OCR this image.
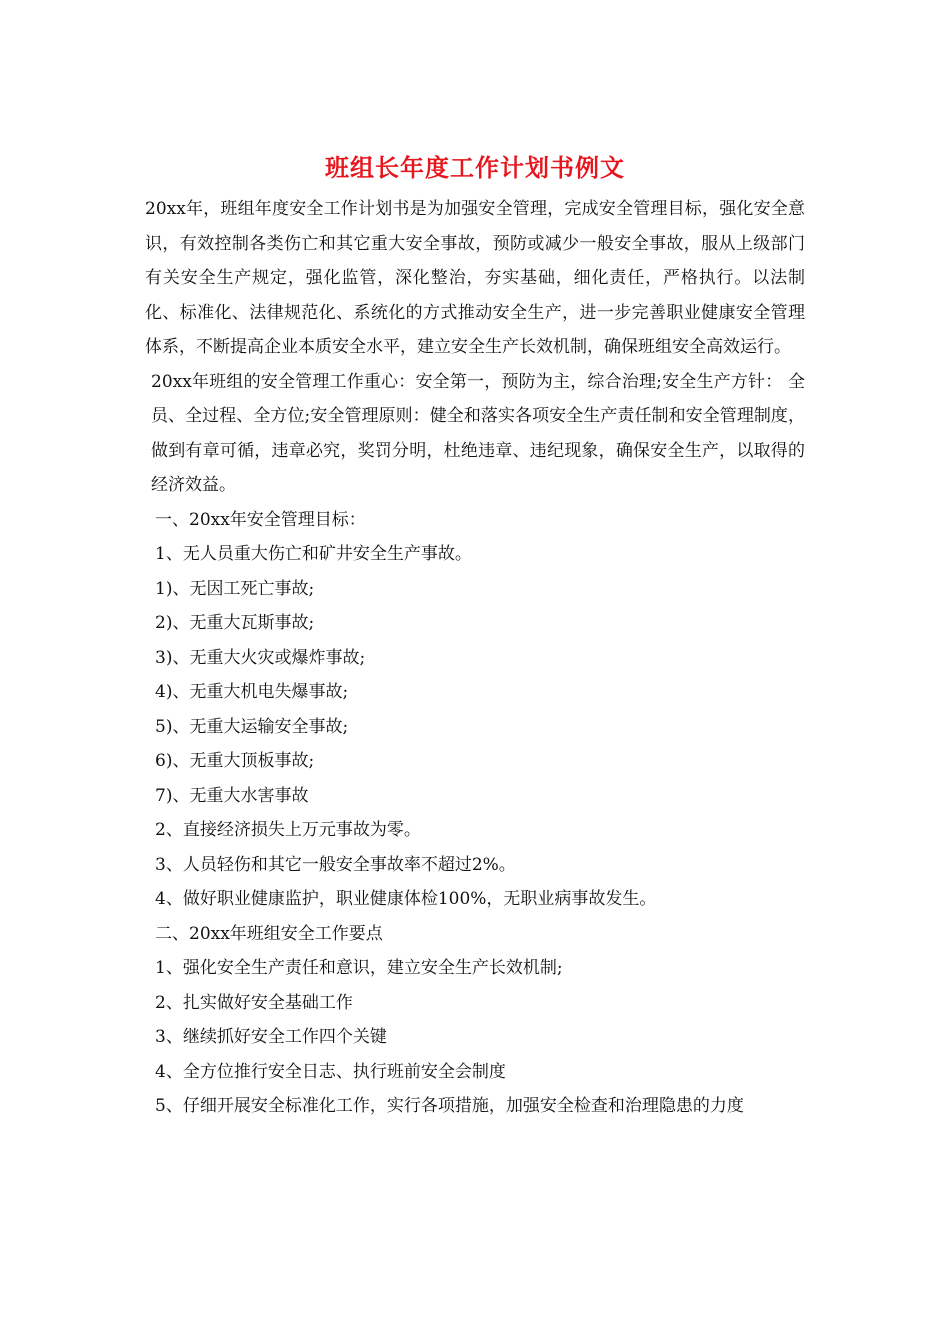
班组长年度工作计划书例文

20xx年，班组年度安全工作计划书是为加强安全管理，完成安全管理目标，强化安全意识，有效控制各类伤亡和其它重大安全事故，预防或减少一般安全事故，服从上级部门有关安全生产规定，强化监管，深化整治，夯实基础，细化责任，严格执行。以法制化、标准化、法律规范化、系统化的方式推动安全生产，进一步完善职业健康安全管理体系，不断提高企业本质安全水平，建立安全生产长效机制，确保班组安全高效运行。

20xx年班组的安全管理工作重心：安全第一，预防为主，综合治理;安全生产方针： 全员、全过程、全方位;安全管理原则：健全和落实各项安全生产责任制和安全管理制度，做到有章可循，违章必究，奖罚分明，杜绝违章、违纪现象，确保安全生产，以取得的经济效益。

一、20xx年安全管理目标：

1、无人员重大伤亡和矿井安全生产事故。

1)、无因工死亡事故;

2)、无重大瓦斯事故;

3)、无重大火灾或爆炸事故;

4)、无重大机电失爆事故;

5)、无重大运输安全事故;

6)、无重大顶板事故;

7)、无重大水害事故

2、直接经济损失上万元事故为零。

3、人员轻伤和其它一般安全事故率不超过2%。

4、做好职业健康监护，职业健康体检100%，无职业病事故发生。

二、20xx年班组安全工作要点

1、强化安全生产责任和意识，建立安全生产长效机制;

2、扎实做好安全基础工作

3、继续抓好安全工作四个关键

4、全方位推行安全日志、执行班前安全会制度

5、仔细开展安全标准化工作，实行各项措施，加强安全检查和治理隐患的力度
